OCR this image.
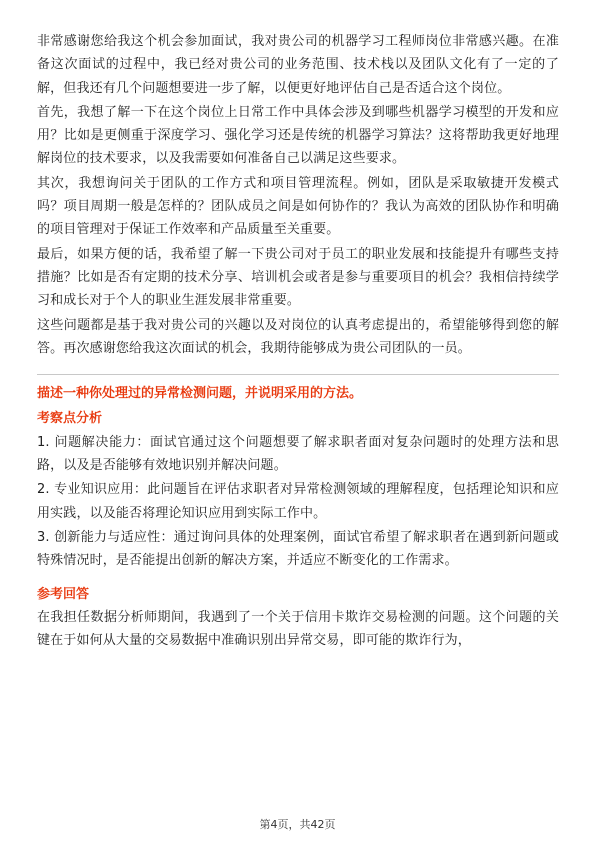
非常感谢您给我这个机会参加面试，我对贵公司的机器学习工程师岗位非常感兴趣。在准备这次面试的过程中，我已经对贵公司的业务范围、技术栈以及团队文化有了一定的了解，但我还有几个问题想要进一步了解，以便更好地评估自己是否适合这个岗位。

首先，我想了解一下在这个岗位上日常工作中具体会涉及到哪些机器学习模型的开发和应用？比如是更侧重于深度学习、强化学习还是传统的机器学习算法？这将帮助我更好地理解岗位的技术要求，以及我需要如何准备自己以满足这些要求。

其次，我想询问关于团队的工作方式和项目管理流程。例如，团队是采取敏捷开发模式吗？项目周期一般是怎样的？团队成员之间是如何协作的？我认为高效的团队协作和明确的项目管理对于保证工作效率和产品质量至关重要。

最后，如果方便的话，我希望了解一下贵公司对于员工的职业发展和技能提升有哪些支持措施？比如是否有定期的技术分享、培训机会或者是参与重要项目的机会？我相信持续学习和成长对于个人的职业生涯发展非常重要。

这些问题都是基于我对贵公司的兴趣以及对岗位的认真考虑提出的，希望能够得到您的解答。再次感谢您给我这次面试的机会，我期待能够成为贵公司团队的一员。

描述一种你处理过的异常检测问题，并说明采用的方法。

考察点分析

1. 问题解决能力：面试官通过这个问题想要了解求职者面对复杂问题时的处理方法和思路，以及是否能够有效地识别并解决问题。

2. 专业知识应用：此问题旨在评估求职者对异常检测领域的理解程度，包括理论知识和应用实践，以及能否将理论知识应用到实际工作中。

3. 创新能力与适应性：通过询问具体的处理案例，面试官希望了解求职者在遇到新问题或特殊情况时，是否能提出创新的解决方案，并适应不断变化的工作需求。

参考回答

在我担任数据分析师期间，我遇到了一个关于信用卡欺诈交易检测的问题。这个问题的关键在于如何从大量的交易数据中准确识别出异常交易，即可能的欺诈行为，

第4页，共42页
